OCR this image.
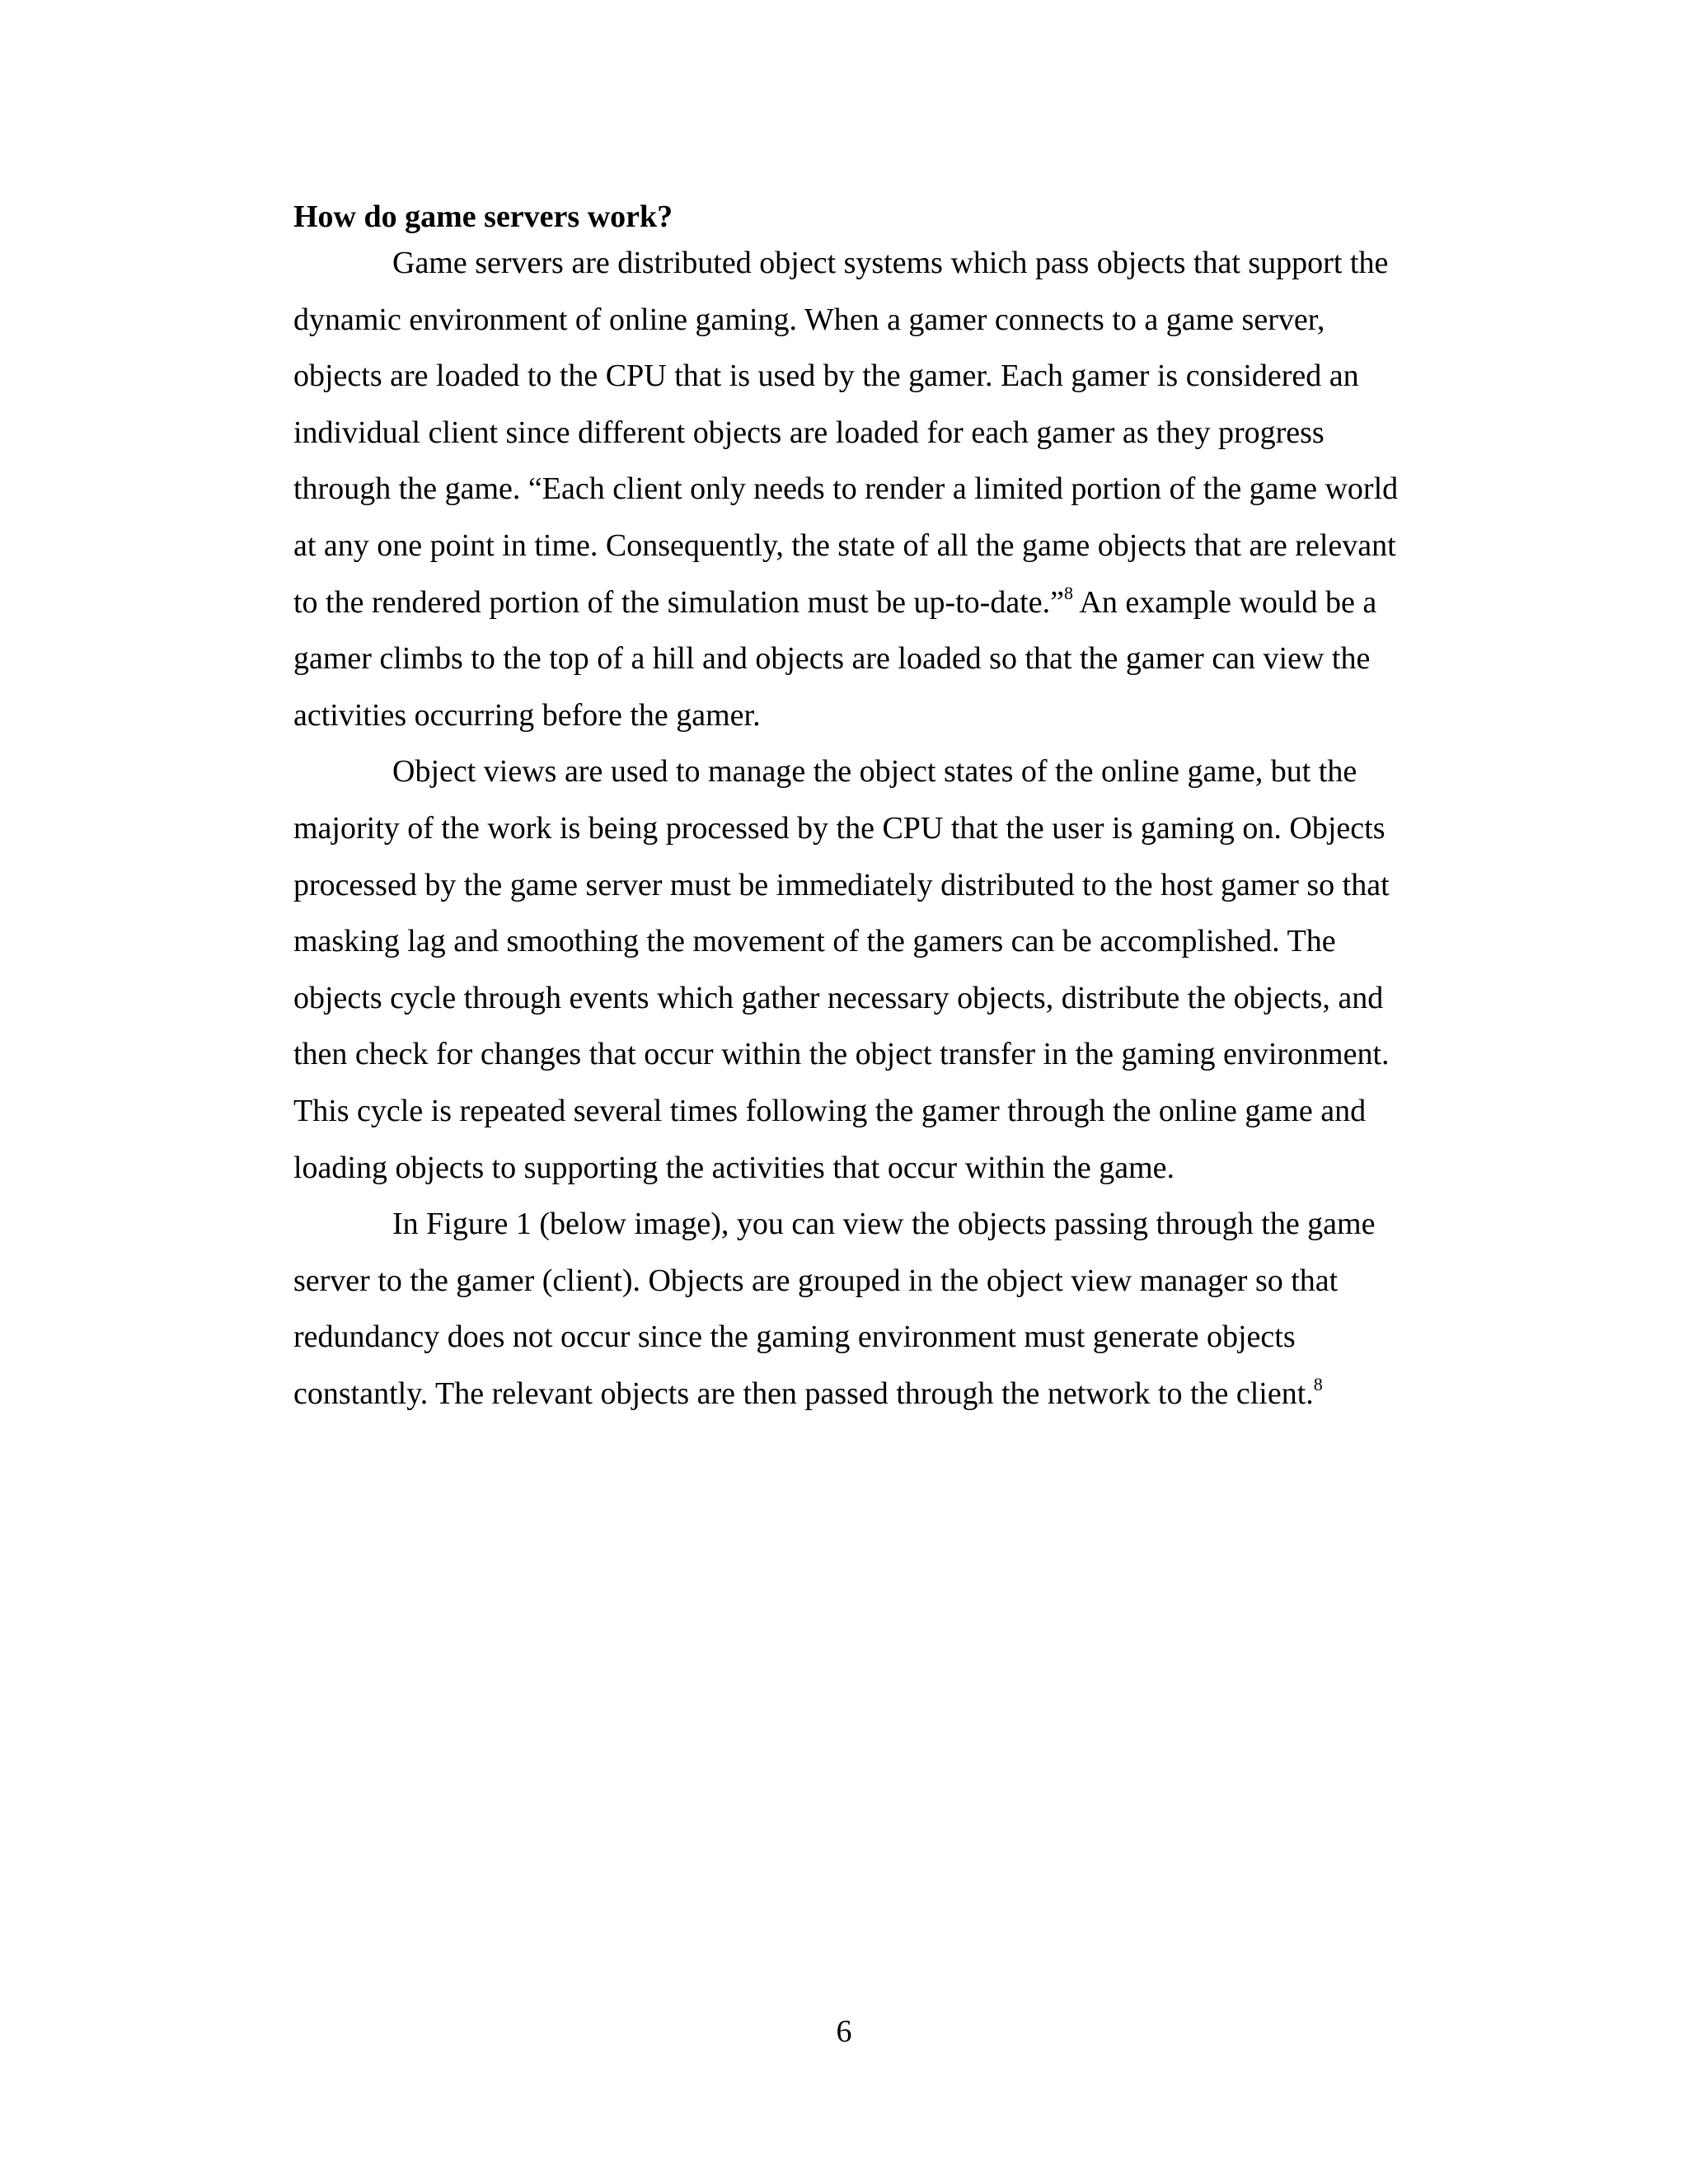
How do game servers work?
Game servers are distributed object systems which pass objects that support the
dynamic environment of online gaming. When a gamer connects to a game server,
objects are loaded to the CPU that is used by the gamer. Each gamer is considered an
individual client since different objects are loaded for each gamer as they progress
through the game. “Each client only needs to render a limited portion of the game world
at any one point in time. Consequently, the state of all the game objects that are relevant
to the rendered portion of the simulation must be up-to-date.”$^8$ An example would be a
gamer climbs to the top of a hill and objects are loaded so that the gamer can view the
activities occurring before the gamer.
Object views are used to manage the object states of the online game, but the
majority of the work is being processed by the CPU that the user is gaming on. Objects
processed by the game server must be immediately distributed to the host gamer so that
masking lag and smoothing the movement of the gamers can be accomplished. The
objects cycle through events which gather necessary objects, distribute the objects, and
then check for changes that occur within the object transfer in the gaming environment.
This cycle is repeated several times following the gamer through the online game and
loading objects to supporting the activities that occur within the game.
In Figure 1 (below image), you can view the objects passing through the game
server to the gamer (client). Objects are grouped in the object view manager so that
redundancy does not occur since the gaming environment must generate objects
constantly. The relevant objects are then passed through the network to the client.$^8$
6
